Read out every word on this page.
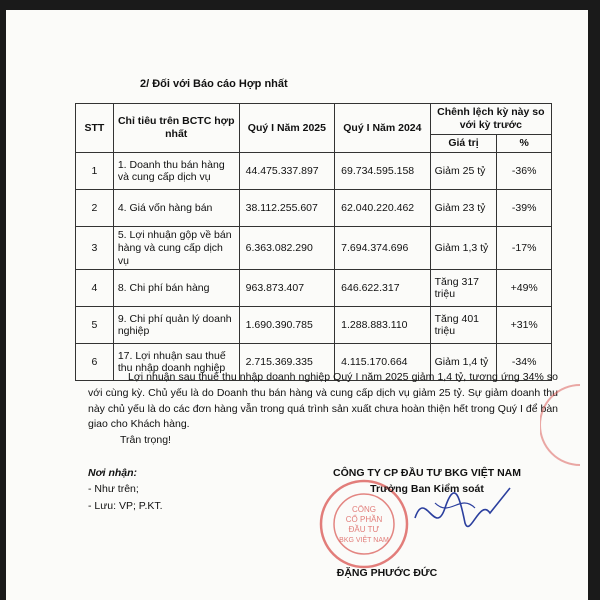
2/ Đối với Báo cáo Hợp nhất
STT	Chỉ tiêu trên BCTC hợp nhất	Quý I Năm 2025	Quý I Năm 2024	Chênh lệch kỳ này so với kỳ trước	
				Giá trị	%
1	1. Doanh thu bán hàng và cung cấp dịch vụ	44.475.337.897	69.734.595.158	Giảm 25 tỷ	-36%
2	4. Giá vốn hàng bán	38.112.255.607	62.040.220.462	Giảm 23 tỷ	-39%
3	5. Lợi nhuận gộp về bán hàng và cung cấp dịch vụ	6.363.082.290	7.694.374.696	Giảm 1,3 tỷ	-17%
4	8. Chi phí bán hàng	963.873.407	646.622.317	Tăng 317 triệu	+49%
5	9. Chi phí quản lý doanh nghiệp	1.690.390.785	1.288.883.110	Tăng 401 triệu	+31%
6	17. Lợi nhuận sau thuế thu nhập doanh nghiệp	2.715.369.335	4.115.170.664	Giảm 1,4 tỷ	-34%

Lợi nhuận sau thuế thu nhập doanh nghiệp Quý I năm 2025 giảm 1,4 tỷ, tương ứng 34% so với cùng kỳ. Chủ yếu là do Doanh thu bán hàng và cung cấp dịch vụ giảm 25 tỷ. Sự giảm doanh thu này chủ yếu là do các đơn hàng vẫn trong quá trình sản xuất chưa hoàn thiện hết trong Quý I để bàn giao cho Khách hàng.

Trân trọng!
Nơi nhận:
- Như trên;
- Lưu: VP; P.KT.	CÔNG
CỔ PHẦN
ĐẦU TƯ
BKG VIỆT NAM
CÔNG TY CP ĐẦU TƯ BKG VIỆT NAM
Trưởng Ban Kiểm soát
ĐẶNG PHƯỚC ĐỨC
